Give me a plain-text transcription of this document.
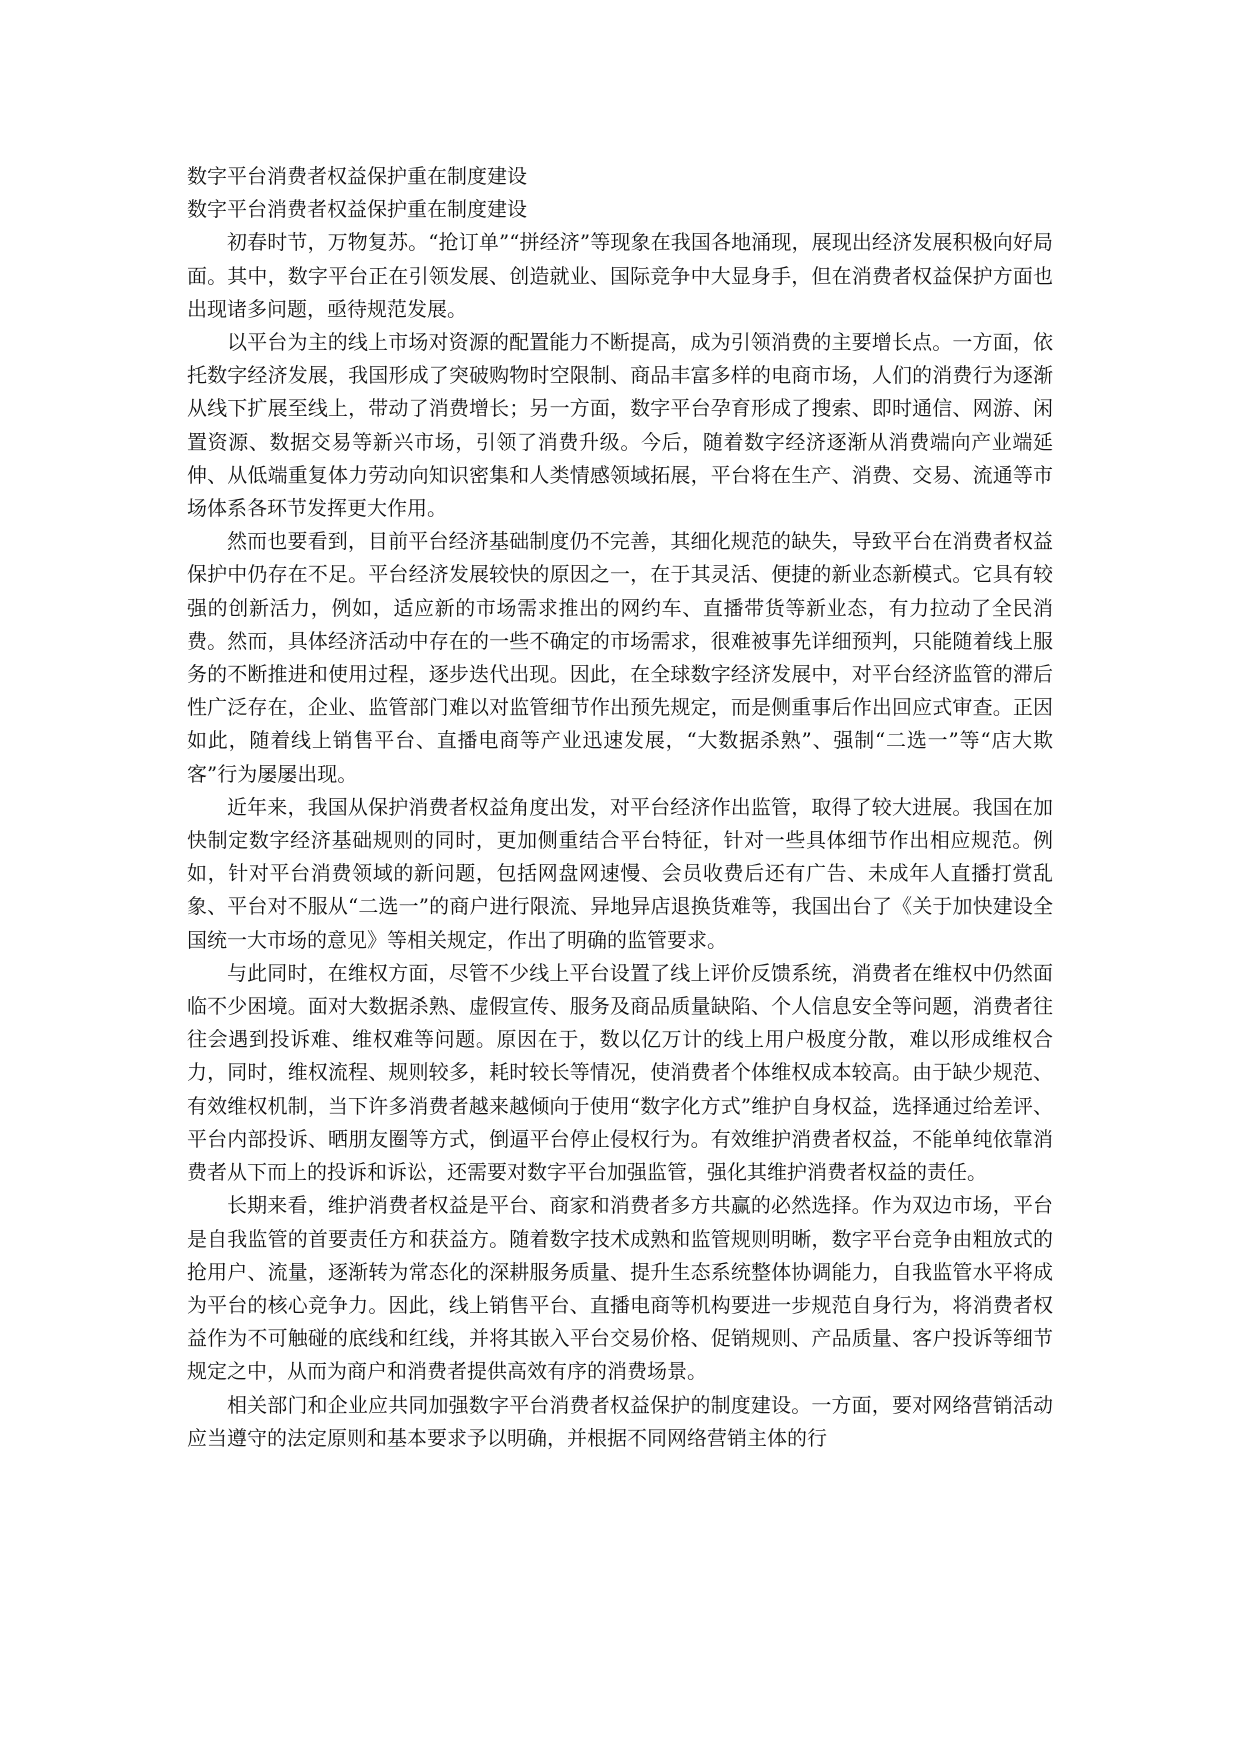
数字平台消费者权益保护重在制度建设

数字平台消费者权益保护重在制度建设

初春时节，万物复苏。“抢订单”“拼经济”等现象在我国各地涌现，展现出经济发展积极向好局面。其中，数字平台正在引领发展、创造就业、国际竞争中大显身手，但在消费者权益保护方面也出现诸多问题，亟待规范发展。

以平台为主的线上市场对资源的配置能力不断提高，成为引领消费的主要增长点。一方面，依托数字经济发展，我国形成了突破购物时空限制、商品丰富多样的电商市场，人们的消费行为逐渐从线下扩展至线上，带动了消费增长；另一方面，数字平台孕育形成了搜索、即时通信、网游、闲置资源、数据交易等新兴市场，引领了消费升级。今后，随着数字经济逐渐从消费端向产业端延伸、从低端重复体力劳动向知识密集和人类情感领域拓展，平台将在生产、消费、交易、流通等市场体系各环节发挥更大作用。

然而也要看到，目前平台经济基础制度仍不完善，其细化规范的缺失，导致平台在消费者权益保护中仍存在不足。平台经济发展较快的原因之一，在于其灵活、便捷的新业态新模式。它具有较强的创新活力，例如，适应新的市场需求推出的网约车、直播带货等新业态，有力拉动了全民消费。然而，具体经济活动中存在的一些不确定的市场需求，很难被事先详细预判，只能随着线上服务的不断推进和使用过程，逐步迭代出现。因此，在全球数字经济发展中，对平台经济监管的滞后性广泛存在，企业、监管部门难以对监管细节作出预先规定，而是侧重事后作出回应式审查。正因如此，随着线上销售平台、直播电商等产业迅速发展，“大数据杀熟”、强制“二选一”等“店大欺客”行为屡屡出现。

近年来，我国从保护消费者权益角度出发，对平台经济作出监管，取得了较大进展。我国在加快制定数字经济基础规则的同时，更加侧重结合平台特征，针对一些具体细节作出相应规范。例如，针对平台消费领域的新问题，包括网盘网速慢、会员收费后还有广告、未成年人直播打赏乱象、平台对不服从“二选一”的商户进行限流、异地异店退换货难等，我国出台了《关于加快建设全国统一大市场的意见》等相关规定，作出了明确的监管要求。

与此同时，在维权方面，尽管不少线上平台设置了线上评价反馈系统，消费者在维权中仍然面临不少困境。面对大数据杀熟、虚假宣传、服务及商品质量缺陷、个人信息安全等问题，消费者往往会遇到投诉难、维权难等问题。原因在于，数以亿万计的线上用户极度分散，难以形成维权合力，同时，维权流程、规则较多，耗时较长等情况，使消费者个体维权成本较高。由于缺少规范、有效维权机制，当下许多消费者越来越倾向于使用“数字化方式”维护自身权益，选择通过给差评、平台内部投诉、晒朋友圈等方式，倒逼平台停止侵权行为。有效维护消费者权益，不能单纯依靠消费者从下而上的投诉和诉讼，还需要对数字平台加强监管，强化其维护消费者权益的责任。

长期来看，维护消费者权益是平台、商家和消费者多方共赢的必然选择。作为双边市场，平台是自我监管的首要责任方和获益方。随着数字技术成熟和监管规则明晰，数字平台竞争由粗放式的抢用户、流量，逐渐转为常态化的深耕服务质量、提升生态系统整体协调能力，自我监管水平将成为平台的核心竞争力。因此，线上销售平台、直播电商等机构要进一步规范自身行为，将消费者权益作为不可触碰的底线和红线，并将其嵌入平台交易价格、促销规则、产品质量、客户投诉等细节规定之中，从而为商户和消费者提供高效有序的消费场景。

相关部门和企业应共同加强数字平台消费者权益保护的制度建设。一方面，要对网络营销活动应当遵守的法定原则和基本要求予以明确，并根据不同网络营销主体的行
